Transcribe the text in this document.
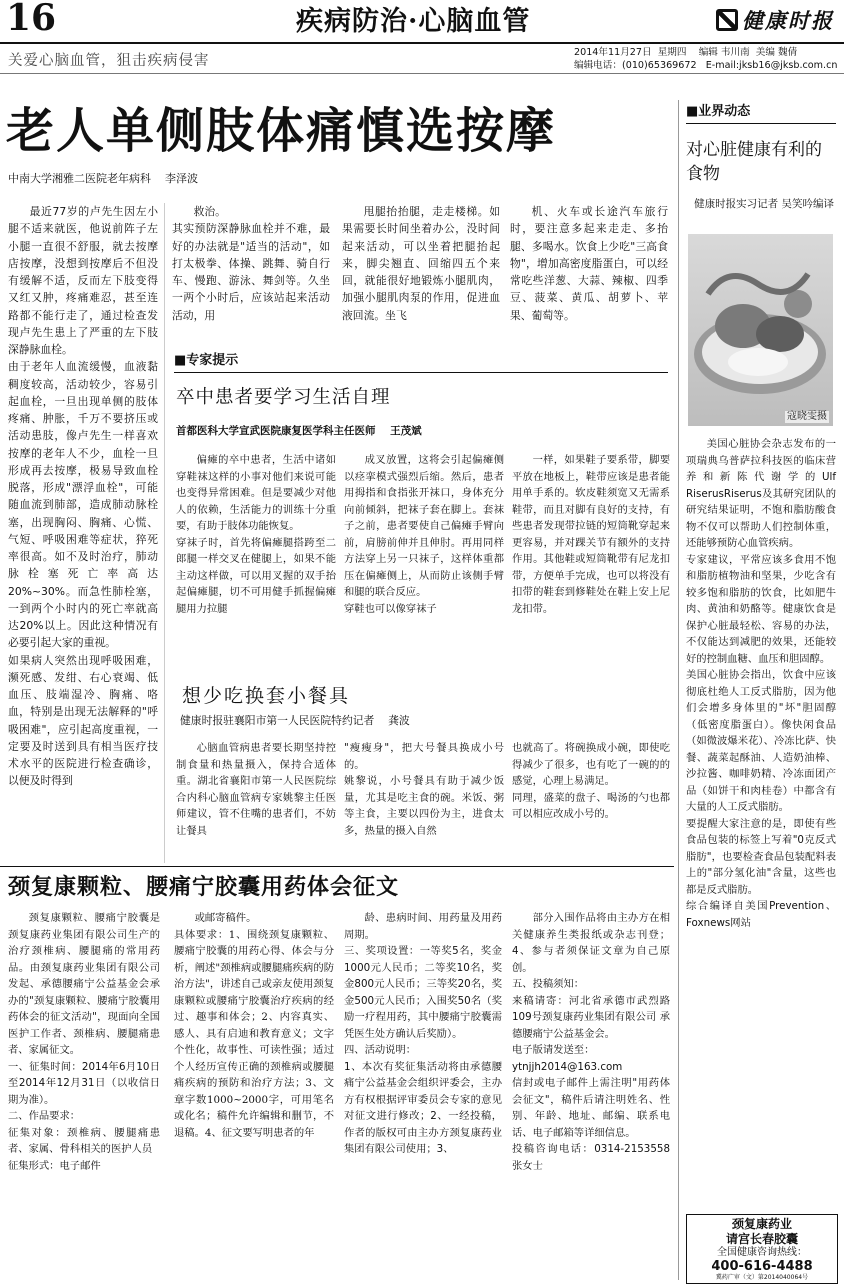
16	疾病防治·心脑血管	健康时报
关爱心脑血管，狙击疾病侵害
2014年11月27日  星期四    编辑 韦川南  美编 魏倩
编辑电话：(010)65369672   E-mail:jksb16@jksb.com.cn
老人单侧肢体痛慎选按摩
中南大学湘雅二医院老年病科    李泽波
最近77岁的卢先生因左小腿不适来就医，他说前阵子左小腿一直很不舒服，就去按摩店按摩，没想到按摩后不但没有缓解不适，反而左下肢变得又红又肿，疼痛难忍，甚至连路都不能行走了，通过检查发现卢先生患上了严重的左下肢深静脉血栓。
由于老年人血流缓慢，血液黏稠度较高，活动较少，容易引起血栓，一旦出现单侧的肢体疼痛、肿胀，千万不要挤压或活动患肢，像卢先生一样喜欢按摩的老年人不少，血栓一旦形成再去按摩，极易导致血栓脱落，形成"漂浮血栓"，可能随血流到肺部，造成肺动脉栓塞，出现胸闷、胸痛、心慌、气短、呼吸困难等症状，猝死率很高。如不及时治疗，肺动脉栓塞死亡率高达20%~30%。而急性肺栓塞，一到两个小时内的死亡率就高达20%以上。因此这种情况有必要引起大家的重视。
如果病人突然出现呼吸困难，濒死感、发绀、右心衰竭、低血压、肢端湿冷、胸痛、咯血，特别是出现无法解释的"呼吸困难"，应引起高度重视，一定要及时送到具有相当医疗技术水平的医院进行检查确诊，以便及时得到
救治。
其实预防深静脉血栓并不难，最好的办法就是"适当的活动"，如打太极拳、体操、跳舞、骑自行车、慢跑、游泳、舞剑等。久坐一两个小时后，应该站起来活动活动，用
甩腿抬抬腿，走走楼梯。如果需要长时间坐着办公，没时间起来活动，可以坐着把腿抬起来，脚尖翘直、回缩四五个来回，就能很好地锻炼小腿肌肉，加强小腿肌肉泵的作用，促进血液回流。坐飞
机、火车或长途汽车旅行时，要注意多起来走走、多抬腿、多喝水。饮食上少吃"三高食物"，增加高密度脂蛋白，可以经常吃些洋葱、大蒜、辣椒、四季豆、菠菜、黄瓜、胡萝卜、苹果、葡萄等。
■专家提示
卒中患者要学习生活自理
首都医科大学宣武医院康复医学科主任医师    王茂斌
偏瘫的卒中患者，生活中诸如穿鞋袜这样的小事对他们来说可能也变得异常困难。但是要减少对他人的依赖，生活能力的训练十分重要，有助于肢体功能恢复。
穿袜子时，首先将偏瘫腿搭跨至二郎腿一样交叉在健腿上，如果不能主动这样做，可以用叉握的双手抬起偏瘫腿，切不可用健手抓握偏瘫腿用力拉腿
成叉放置，这将会引起偏瘫侧以痉挛模式强烈后缩。然后，患者用拇指和食指张开袜口，身体充分向前倾斜，把袜子套在脚上。套袜子之前，患者要使自己偏瘫手臂向前，肩膀前伸并且伸肘。再用同样方法穿上另一只袜子，这样体重都压在偏瘫侧上，从而防止该侧手臂和腿的联合反应。
穿鞋也可以像穿袜子
一样，如果鞋子要系带，脚要平放在地板上，鞋带应该是患者能用单手系的。软皮鞋须宽又无需系鞋带，而且对脚有良好的支持，有些患者发现带拉链的短筒靴穿起来更容易，并对踝关节有额外的支持作用。其他鞋或短筒靴带有尼龙扣带，方便单手完成，也可以将没有扣带的鞋套到修鞋处在鞋上安上尼龙扣带。
想少吃换套小餐具
健康时报驻襄阳市第一人民医院特约记者    龚波
心脑血管病患者要长期坚持控制食量和热量摄入，保持合适体重。湖北省襄阳市第一人民医院综合内科心脑血管病专家姚黎主任医师建议，管不住嘴的患者们，不妨让餐具
"瘦瘦身"，把大号餐具换成小号的。
姚黎说，小号餐具有助于减少饭量，尤其是吃主食的碗。米饭、粥等主食，主要以四份为主，进食太多，热量的摄入自然
也就高了。将碗换成小碗，即使吃得减少了很多，也有吃了一碗的的感觉，心理上易满足。
同理，盛菜的盘子、喝汤的勺也都可以相应改成小号的。
■业界动态
对心脏健康有利的食物
健康时报实习记者 吴笑吟编译
寇晓雯摄
美国心脏协会杂志发布的一项瑞典乌普萨拉科技医的临床营养和新陈代谢学的Ulf RiserusRiserus及其研究团队的研究结果证明，不饱和脂肪酸食物不仅可以帮助人们控制体重，还能够预防心血管疾病。
专家建议，平常应该多食用不饱和脂肪植物油和坚果，少吃含有较多饱和脂肪的饮食，比如肥牛肉、黄油和奶酪等。健康饮食是保护心脏最轻松、容易的办法，不仅能达到减肥的效果，还能较好的控制血糖、血压和胆固醇。
美国心脏协会指出，饮食中应该彻底杜绝人工反式脂肪，因为他们会增多身体里的"坏"胆固醇（低密度脂蛋白）。像快闲食品（如微波爆米花）、冷冻比萨、快餐、蔬菜起酥油、人造奶油棒、沙拉酱、咖啡奶精、冷冻面团产品（如饼干和肉桂卷）中都含有大量的人工反式脂肪。
要提醒大家注意的是，即使有些食品包装的标签上写着"0克反式脂肪"，也要检查食品包装配料表上的"部分氢化油"含量，这些也都是反式脂肪。
综合编译自美国Prevention、Foxnews网站
颈复康颗粒、腰痛宁胶囊用药体会征文
颈复康颗粒、腰痛宁胶囊是颈复康药业集团有限公司生产的治疗颈椎病、腰腿痛的常用药品。由颈复康药业集团有限公司发起、承德腰痛宁公益基金会承办的"颈复康颗粒、腰痛宁胶囊用药体会的征文活动"，现面向全国医护工作者、颈椎病、腰腿痛患者、家属征文。
一、征集时间：2014年6月10日至2014年12月31日（以收信日期为准）。
二、作品要求：
征集对象：颈椎病、腰腿痛患者、家属、骨科相关的医护人员
征集形式：电子邮件
或邮寄稿件。
具体要求：1、围绕颈复康颗粒、腰痛宁胶囊的用药心得、体会与分析，阐述"颈椎病或腰腿痛疾病的防治方法"，讲述自己或亲友使用颈复康颗粒或腰痛宁胶囊治疗疾病的经过、趣事和体会；2、内容真实、感人、具有启迪和教育意义；文字个性化，故事性、可读性强；适过个人经历宣传正确的颈椎病或腰腿痛疾病的预防和治疗方法；3、文章字数1000~2000字，可用笔名或化名；稿件允许编辑和删节，不退稿。4、征文要写明患者的年
龄、患病时间、用药量及用药周期。
三、奖项设置：一等奖5名，奖金1000元人民币；二等奖10名，奖金800元人民币；三等奖20名，奖金500元人民币；入围奖50名（奖励一疗程用药，其中腰痛宁胶囊需凭医生处方确认后奖励）。
四、活动说明：
1、本次有奖征集活动将由承德腰痛宁公益基金会组织评委会，主办方有权根据评审委员会专家的意见对征文进行修改；2、一经投稿，作者的版权可由主办方颈复康药业集团有限公司使用；3、
部分入围作品将由主办方在相关健康养生类报纸或杂志刊登；4、参与者须保证文章为自己原创。
五、投稿须知：
来稿请寄：河北省承德市武烈路109号颈复康药业集团有限公司 承德腰痛宁公益基金会。
电子版请发送至：
ytnjjh2014@163.com
信封或电子邮件上需注明"用药体会征文"，稿件后请注明姓名、性别、年龄、地址、邮编、联系电话、电子邮箱等详细信息。
投稿咨询电话：0314-2153558  张女士
颈复康药业
请宫长春胶囊
全国健康咨询热线：
400-616-4488
冀药广审（文）第2014040064号
